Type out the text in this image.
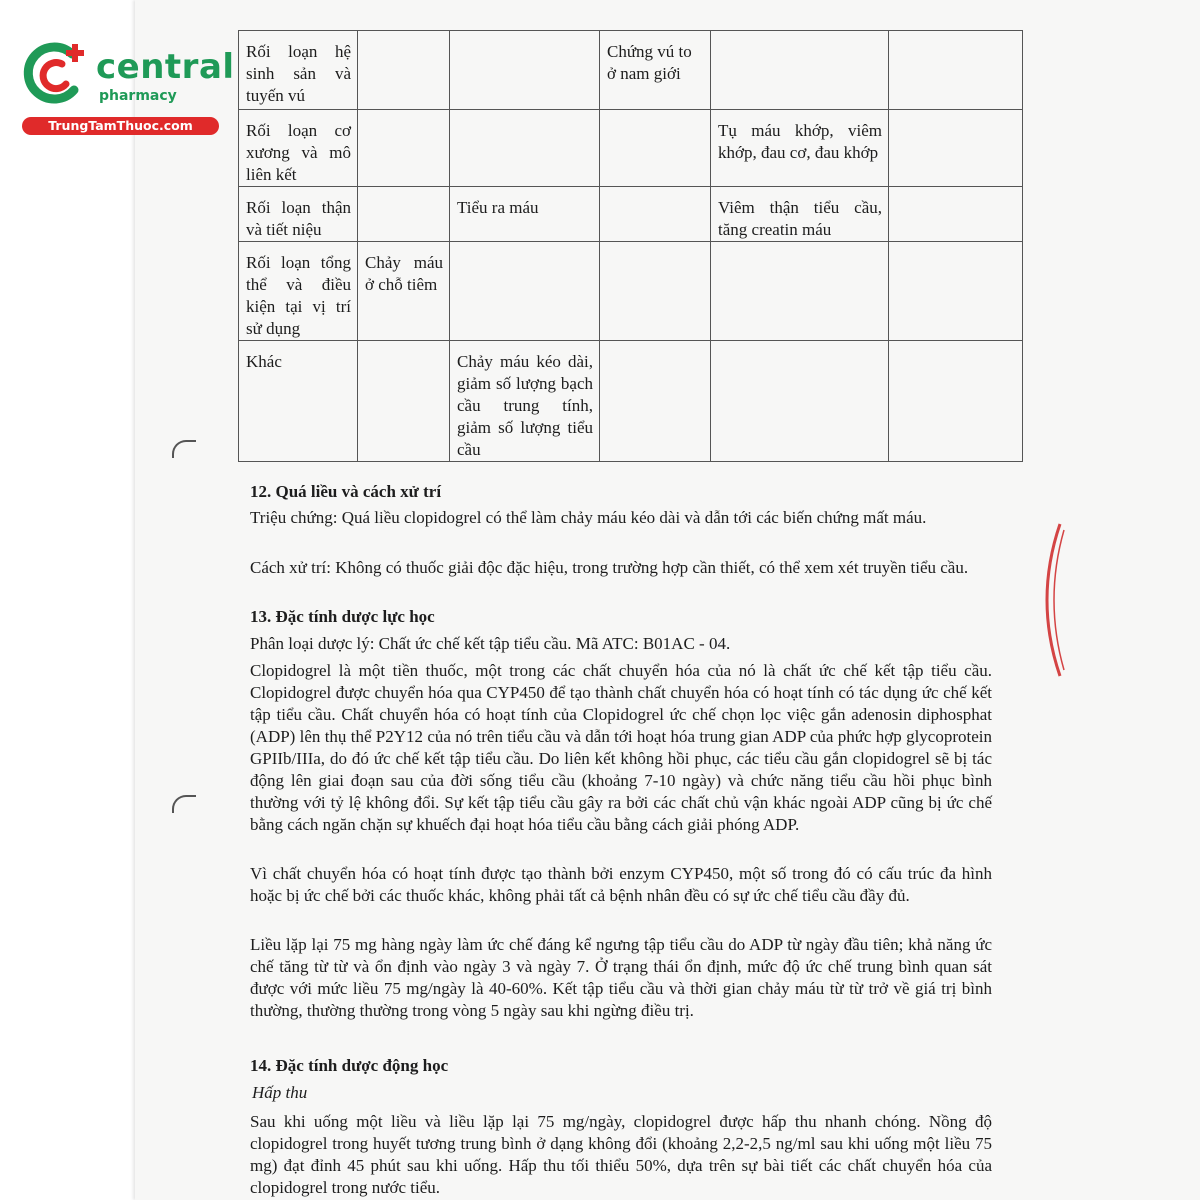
central
pharmacy
TrungTamThuoc.com
Rối loạn hệ sinh sản và tuyến vú			Chứng vú to ở nam giới		
Rối loạn cơ xương và mô liên kết				Tụ máu khớp, viêm khớp, đau cơ, đau khớp	
Rối loạn thận và tiết niệu		Tiểu ra máu		Viêm thận tiểu cầu, tăng creatin máu	
Rối loạn tổng thể và điều kiện tại vị trí sử dụng	Chảy máu ở chỗ tiêm				
Khác		Chảy máu kéo dài, giảm số lượng bạch cầu trung tính, giảm số lượng tiểu cầu			
12. Quá liều và cách xử trí
Triệu chứng: Quá liều clopidogrel có thể làm chảy máu kéo dài và dẫn tới các biến chứng mất máu.
Cách xử trí: Không có thuốc giải độc đặc hiệu, trong trường hợp cần thiết, có thể xem xét truyền tiểu cầu.
13. Đặc tính dược lực học
Phân loại dược lý: Chất ức chế kết tập tiểu cầu. Mã ATC: B01AC - 04.
Clopidogrel là một tiền thuốc, một trong các chất chuyển hóa của nó là chất ức chế kết tập tiểu cầu. Clopidogrel được chuyển hóa qua CYP450 để tạo thành chất chuyển hóa có hoạt tính có tác dụng ức chế kết tập tiểu cầu. Chất chuyển hóa có hoạt tính của Clopidogrel ức chế chọn lọc việc gắn adenosin diphosphat (ADP) lên thụ thể P2Y12 của nó trên tiểu cầu và dẫn tới hoạt hóa trung gian ADP của phức hợp glycoprotein GPIIb/IIIa, do đó ức chế kết tập tiểu cầu. Do liên kết không hồi phục, các tiểu cầu gắn clopidogrel sẽ bị tác động lên giai đoạn sau của đời sống tiểu cầu (khoảng 7-10 ngày) và chức năng tiểu cầu hồi phục bình thường với tỷ lệ không đổi. Sự kết tập tiểu cầu gây ra bởi các chất chủ vận khác ngoài ADP cũng bị ức chế bằng cách ngăn chặn sự khuếch đại hoạt hóa tiểu cầu bằng cách giải phóng ADP.
Vì chất chuyển hóa có hoạt tính được tạo thành bởi enzym CYP450, một số trong đó có cấu trúc đa hình hoặc bị ức chế bởi các thuốc khác, không phải tất cả bệnh nhân đều có sự ức chế tiểu cầu đầy đủ.
Liều lặp lại 75 mg hàng ngày làm ức chế đáng kể ngưng tập tiểu cầu do ADP từ ngày đầu tiên; khả năng ức chế tăng từ từ và ổn định vào ngày 3 và ngày 7. Ở trạng thái ổn định, mức độ ức chế trung bình quan sát được với mức liều 75 mg/ngày là 40-60%. Kết tập tiểu cầu và thời gian chảy máu từ từ trở về giá trị bình thường, thường thường trong vòng 5 ngày sau khi ngừng điều trị.
14. Đặc tính dược động học
Hấp thu
Sau khi uống một liều và liều lặp lại 75 mg/ngày, clopidogrel được hấp thu nhanh chóng. Nồng độ clopidogrel trong huyết tương trung bình ở dạng không đổi (khoảng 2,2-2,5 ng/ml sau khi uống một liều 75 mg) đạt đỉnh 45 phút sau khi uống. Hấp thu tối thiểu 50%, dựa trên sự bài tiết các chất chuyển hóa của clopidogrel trong nước tiểu.
